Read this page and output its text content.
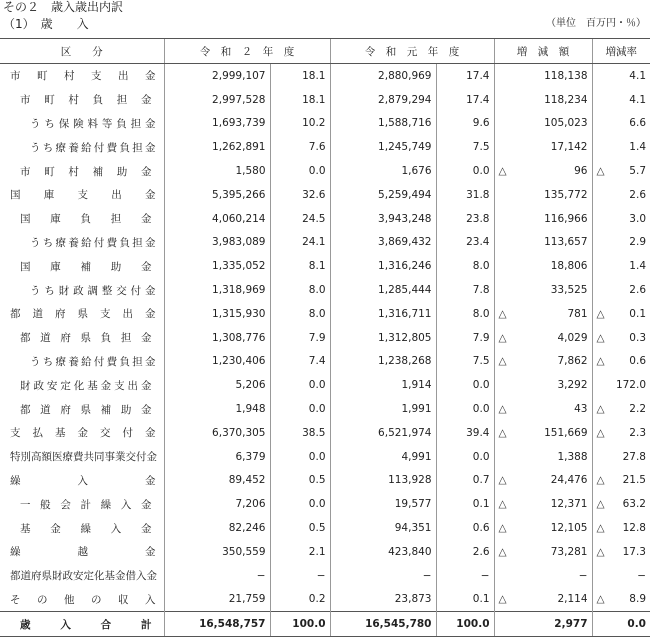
その２　歳入歳出内訳
（1）　歳　　入	（単位　百万円・％）
区　　分	令　和　２　年　度		令　和　元　年　度		増　減　額	増減率
市町村支出金	2,999,107	18.1	2,880,969	17.4	118,138	4.1

市町村負担金	2,997,528	18.1	2,879,294	17.4	118,234	4.1

うち保険料等負担金	1,693,739	10.2	1,588,716	9.6	105,023	6.6

うち療養給付費負担金	1,262,891	7.6	1,245,749	7.5	17,142	1.4

市町村補助金	1,580	0.0	1,676	0.0	△ 96	△ 5.7

国庫支出金	5,395,266	32.6	5,259,494	31.8	135,772	2.6

国庫負担金	4,060,214	24.5	3,943,248	23.8	116,966	3.0

うち療養給付費負担金	3,983,089	24.1	3,869,432	23.4	113,657	2.9

国庫補助金	1,335,052	8.1	1,316,246	8.0	18,806	1.4

うち財政調整交付金	1,318,969	8.0	1,285,444	7.8	33,525	2.6

都道府県支出金	1,315,930	8.0	1,316,711	8.0	△ 781	△ 0.1

都道府県負担金	1,308,776	7.9	1,312,805	7.9	△ 4,029	△ 0.3

うち療養給付費負担金	1,230,406	7.4	1,238,268	7.5	△ 7,862	△ 0.6

財政安定化基金支出金	5,206	0.0	1,914	0.0	3,292	172.0

都道府県補助金	1,948	0.0	1,991	0.0	△ 43	△ 2.2

支払基金交付金	6,370,305	38.5	6,521,974	39.4	△ 151,669	△ 2.3

特別高額医療費共同事業交付金	6,379	0.0	4,991	0.0	1,388	27.8

繰入金	89,452	0.5	113,928	0.7	△ 24,476	△ 21.5

一般会計繰入金	7,206	0.0	19,577	0.1	△ 12,371	△ 63.2

基金繰入金	82,246	0.5	94,351	0.6	△ 12,105	△ 12.8

繰越金	350,559	2.1	423,840	2.6	△ 73,281	△ 17.3

都道府県財政安定化基金借入金	−	−	−	−	−	−

その他の収入	21,759	0.2	23,873	0.1	△ 2,114	△ 8.9

歳入合計	16,548,757	100.0	16,545,780	100.0	2,977	0.0
